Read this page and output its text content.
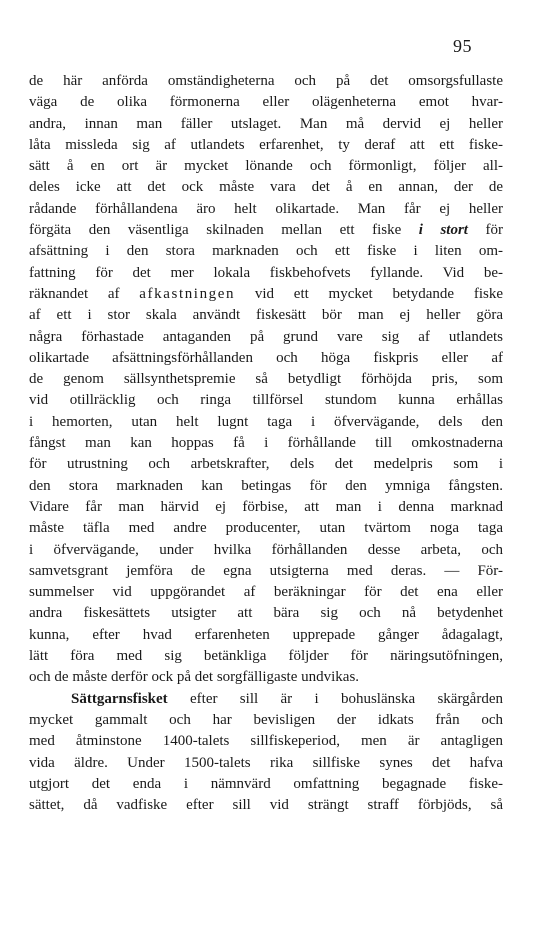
95
de här anförda omständigheterna och på det omsorgsfullaste
väga de olika förmonerna eller olägenheterna emot hvar-
andra, innan man fäller utslaget. Man må dervid ej heller
låta missleda sig af utlandets erfarenhet, ty deraf att ett fiske-
sätt å en ort är mycket lönande och förmonligt, följer all-
deles icke att det ock måste vara det å en annan, der de
rådande förhållandena äro helt olikartade. Man får ej heller
förgäta den väsentliga skilnaden mellan ett fiske i stort för
afsättning i den stora marknaden och ett fiske i liten om-
fattning för det mer lokala fiskbehofvets fyllande. Vid be-
räknandet af afkastningen vid ett mycket betydande fiske
af ett i stor skala användt fiskesätt bör man ej heller göra
några förhastade antaganden på grund vare sig af utlandets
olikartade afsättningsförhållanden och höga fiskpris eller af
de genom sällsynthetspremie så betydligt förhöjda pris, som
vid otillräcklig och ringa tillförsel stundom kunna erhållas
i hemorten, utan helt lugnt taga i öfvervägande, dels den
fångst man kan hoppas få i förhållande till omkostnaderna
för utrustning och arbetskrafter, dels det medelpris som i
den stora marknaden kan betingas för den ymniga fångsten.
Vidare får man härvid ej förbise, att man i denna marknad
måste täfla med andre producenter, utan tvärtom noga taga
i öfvervägande, under hvilka förhållanden desse arbeta, och
samvetsgrant jemföra de egna utsigterna med deras. — För-
summelser vid uppgörandet af beräkningar för det ena eller
andra fiskesättets utsigter att bära sig och nå betydenhet
kunna, efter hvad erfarenheten upprepade gånger ådagalagt,
lätt föra med sig betänkliga följder för näringsutöfningen,
och de måste derför ock på det sorgfälligaste undvikas.
Sättgarnsfisket efter sill är i bohuslänska skärgården
mycket gammalt och har bevisligen der idkats från och
med åtminstone 1400-talets sillfiskeperiod, men är antagligen
vida äldre. Under 1500-talets rika sillfiske synes det hafva
utgjort det enda i nämnvärd omfattning begagnade fiske-
sättet, då vadfiske efter sill vid strängt straff förbjöds, så
